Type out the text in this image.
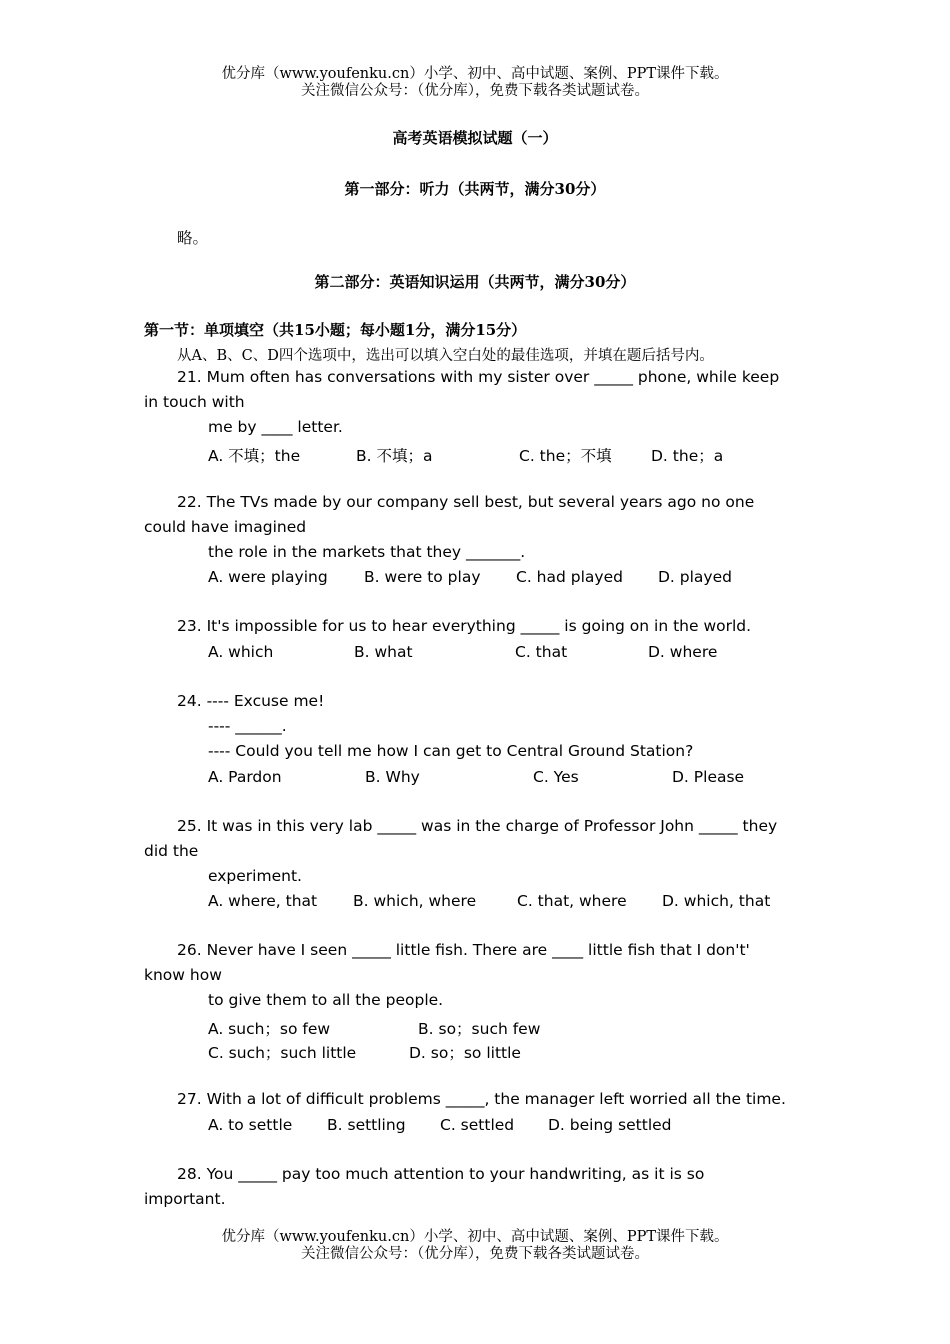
优分库（www.youfenku.cn）小学、初中、高中试题、案例、PPT课件下载。
关注微信公众号：（优分库），免费下载各类试题试卷。
高考英语模拟试题（一）
第一部分：听力（共两节，满分30分）
略。
第二部分：英语知识运用（共两节，满分30分）
第一节：单项填空（共15小题；每小题1分，满分15分）
从A、B、C、D四个选项中，选出可以填入空白处的最佳选项，并填在题后括号内。
21. Mum often has conversations with my sister over _____ phone, while keep
in touch with
me by ____ letter.
A. 不填；the	B. 不填；a	C. the；不填	D. the；a
22. The TVs made by our company sell best, but several years ago no one
could have imagined
the role in the markets that they _______.
A. were playing B. were to play C. had played D. played
23. It's impossible for us to hear everything _____ is going on in the world.
A. which	B. what	C. that	D. where
24. ---- Excuse me!
---- ______.
---- Could you tell me how I can get to Central Ground Station?
A. Pardon	B. Why	C. Yes	D. Please
25. It was in this very lab _____ was in the charge of Professor John _____ they
did the
experiment.
A. where, that B. which, where	C. that, where D. which, that
26. Never have I seen _____ little fish. There are ____ little fish that I don't'
know how
to give them to all the people.
A. such；so few	B. so；such few
C. such；such little	D. so；so little
27. With a lot of difficult problems _____, the manager left worried all the time.
A. to settle B. settling C. settled D. being settled
28. You _____ pay too much attention to your handwriting, as it is so
important.
优分库（www.youfenku.cn）小学、初中、高中试题、案例、PPT课件下载。
关注微信公众号：（优分库），免费下载各类试题试卷。
